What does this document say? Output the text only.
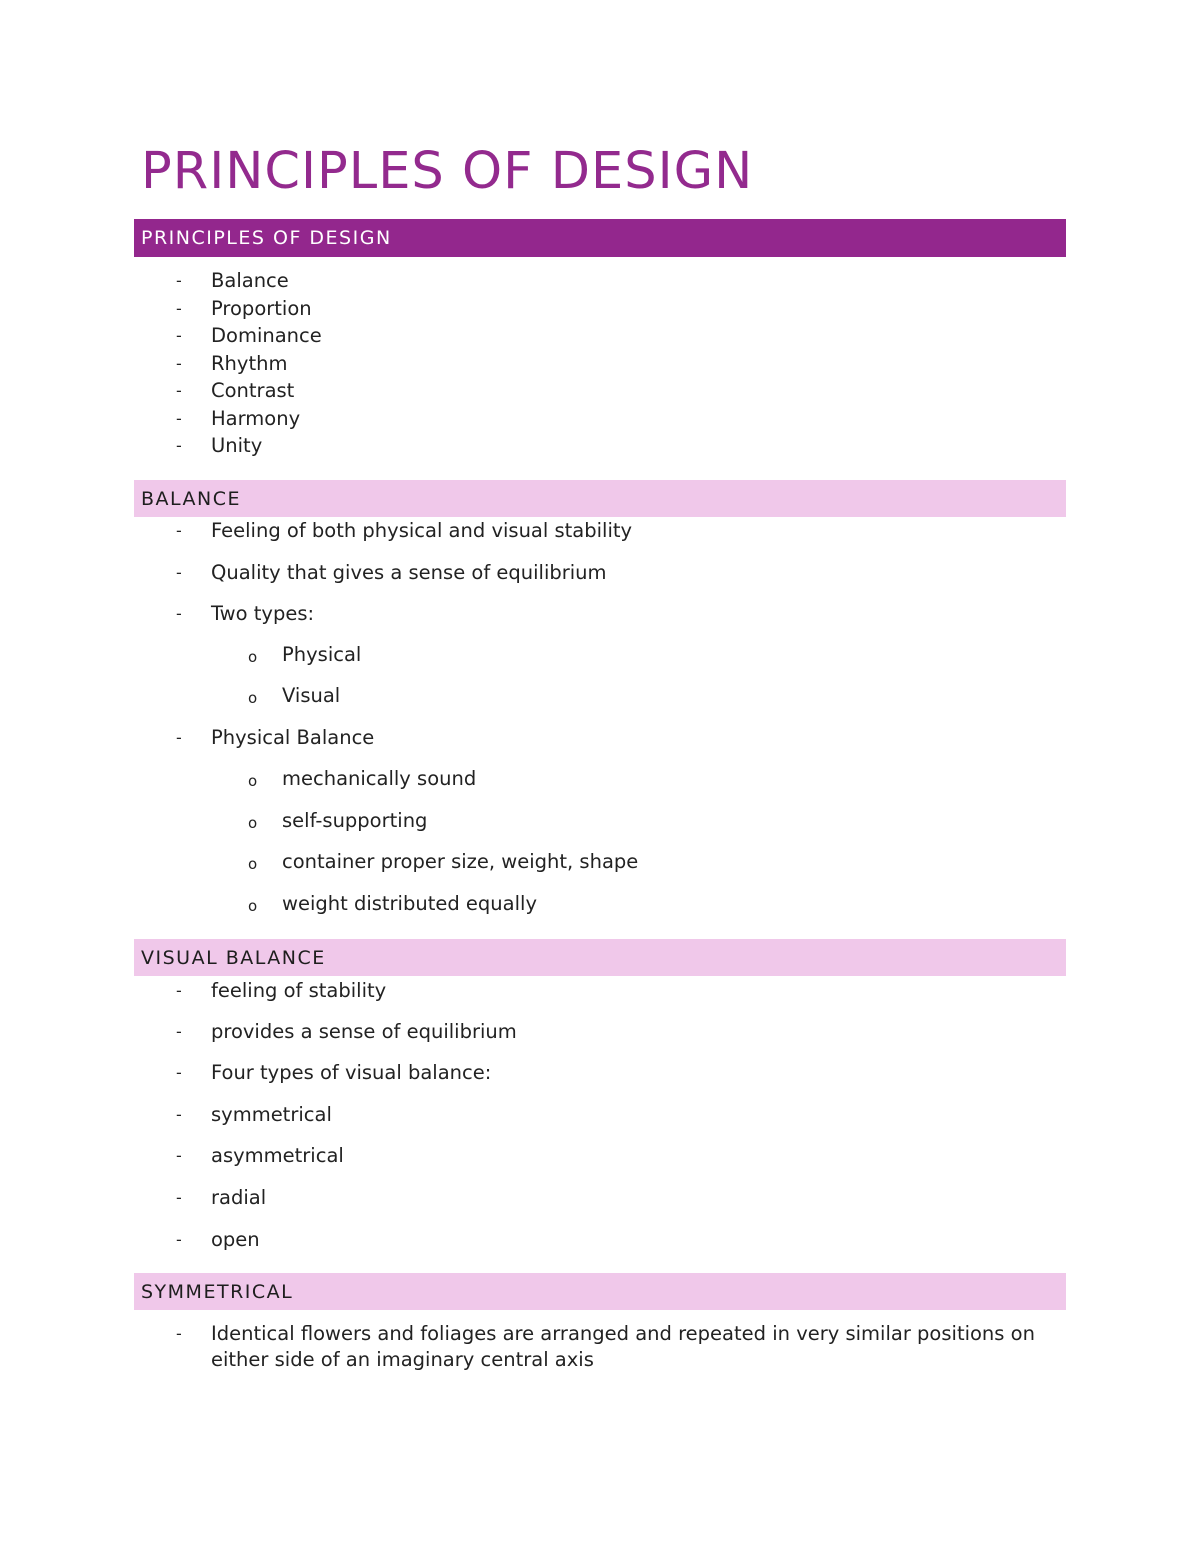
PRINCIPLES OF DESIGN
PRINCIPLES OF DESIGN
- Balance
- Proportion
- Dominance
- Rhythm
- Contrast
- Harmony
- Unity
BALANCE
- Feeling of both physical and visual stability
- Quality that gives a sense of equilibrium
- Two types:
o Physical
o Visual
- Physical Balance
o mechanically sound
o self-supporting
o container proper size, weight, shape
o weight distributed equally
VISUAL BALANCE
- feeling of stability
- provides a sense of equilibrium
- Four types of visual balance:
- symmetrical
- asymmetrical
- radial
- open
SYMMETRICAL
- Identical flowers and foliages are arranged and repeated in very similar positions on either side of an imaginary central axis
